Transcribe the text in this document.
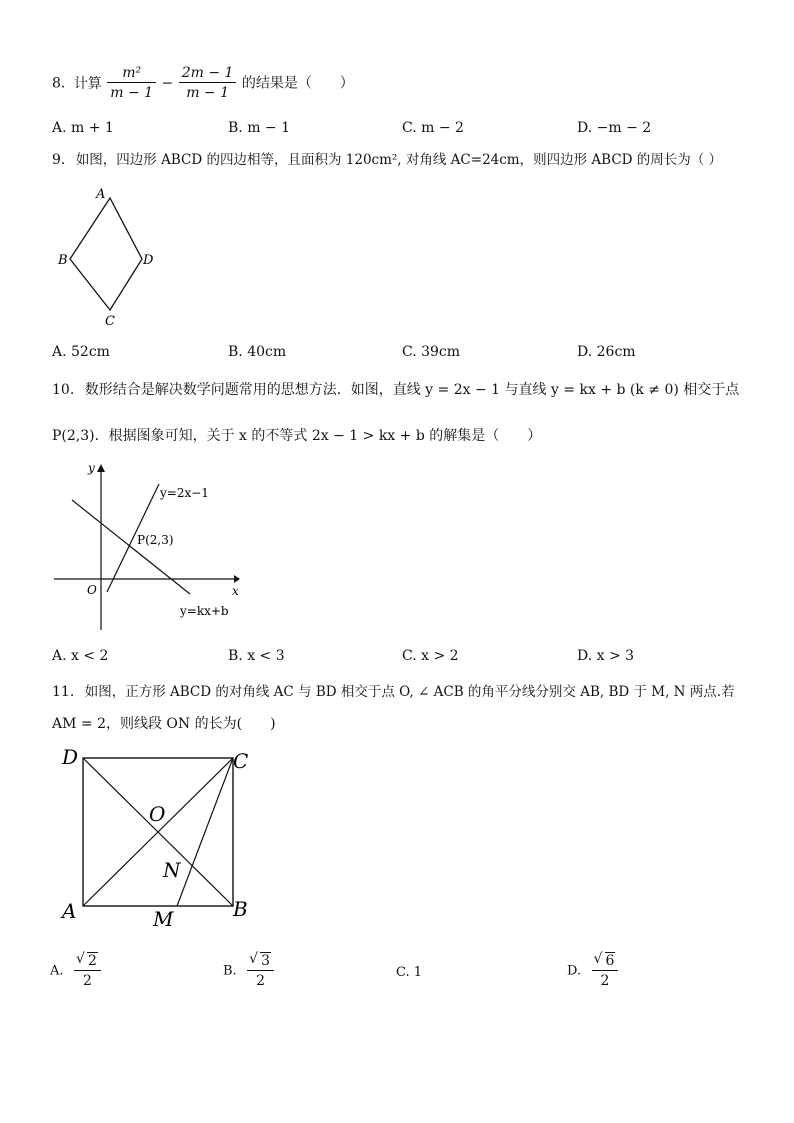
8. 计算 $\frac{\text{m²}}{m - 1} - \frac{2m - 1}{m - 1}$ 的结果是（　　）
A. m + 1	B. m − 1	C. m − 2	D. −m − 2
9. 如图，四边形 ABCD 的四边相等，且面积为 120cm², 对角线 AC=24cm，则四边形 ABCD 的周长为（ ）
A
B
C
D
A. 52cm	B. 40cm	C. 39cm	D. 26cm
10. 数形结合是解决数学问题常用的思想方法．如图，直线 y = 2x − 1 与直线 y = kx + b (k ≠ 0) 相交于点
P(2,3)．根据图象可知，关于 x 的不等式 2x − 1 > kx + b 的解集是（　　）
y
x
O
y=2x−1
P(2,3)
y=kx+b
A. x < 2	B. x < 3	C. x > 2	D. x > 3
11. 如图，正方形 ABCD 的对角线 AC 与 BD 相交于点 O, ∠ ACB 的角平分线分别交 AB, BD 于 M, N 两点.若
AM = 2，则线段 ON 的长为(　　)
D	C
O
N
A	B
M
A. √ $\frac{2}{2}$	B. √ $\frac{3}{2}$	C. 1	D. √ $\frac{6}{2}$
